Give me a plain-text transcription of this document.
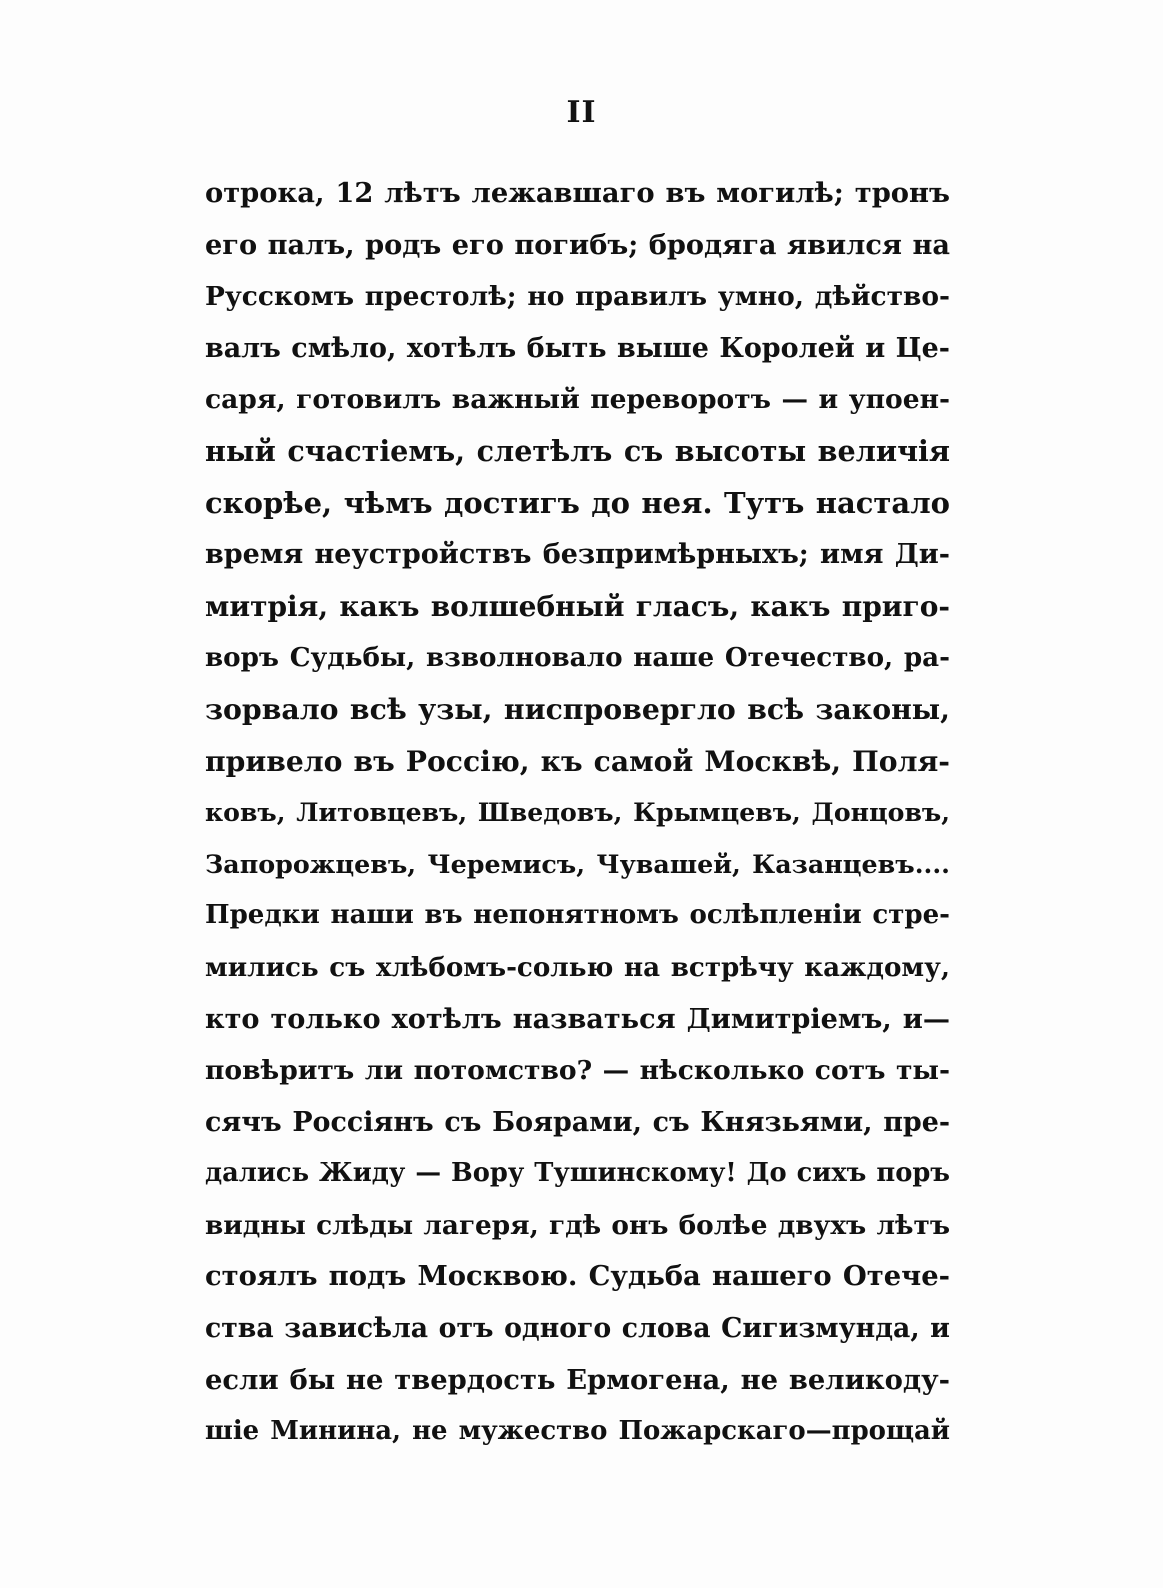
II
отрока, 12 лѣтъ лежавшаго въ могилѣ; тронъ
его палъ, родъ его погибъ; бродяга явился на
Русскомъ престолѣ; но правилъ умно, дѣйство-
валъ смѣло, хотѣлъ быть выше Королей и Це-
саря, готовилъ важный переворотъ — и упоен-
ный счастіемъ, слетѣлъ съ высоты величія
скорѣе, чѣмъ достигъ до нея. Тутъ настало
время неустройствъ безпримѣрныхъ; имя Ди-
митрія, какъ волшебный гласъ, какъ приго-
воръ Судьбы, взволновало наше Отечество, ра-
зорвало всѣ узы, ниспровергло всѣ законы,
привело въ Россію, къ самой Москвѣ, Поля-
ковъ, Литовцевъ, Шведовъ, Крымцевъ, Донцовъ,
Запорожцевъ, Черемисъ, Чувашей, Казанцевъ....
Предки наши въ непонятномъ ослѣпленіи стре-
мились съ хлѣбомъ-солью на встрѣчу каждому,
кто только хотѣлъ назваться Димитріемъ, и—
повѣритъ ли потомство? — нѣсколько сотъ ты-
сячъ Россіянъ съ Боярами, съ Князьями, пре-
дались Жиду — Вору Тушинскому! До сихъ поръ
видны слѣды лагеря, гдѣ онъ болѣе двухъ лѣтъ
стоялъ подъ Москвою. Судьба нашего Отече-
ства зависѣла отъ одного слова Сигизмунда, и
если бы не твердость Ермогена, не великоду-
шіе Минина, не мужество Пожарскаго—прощай
